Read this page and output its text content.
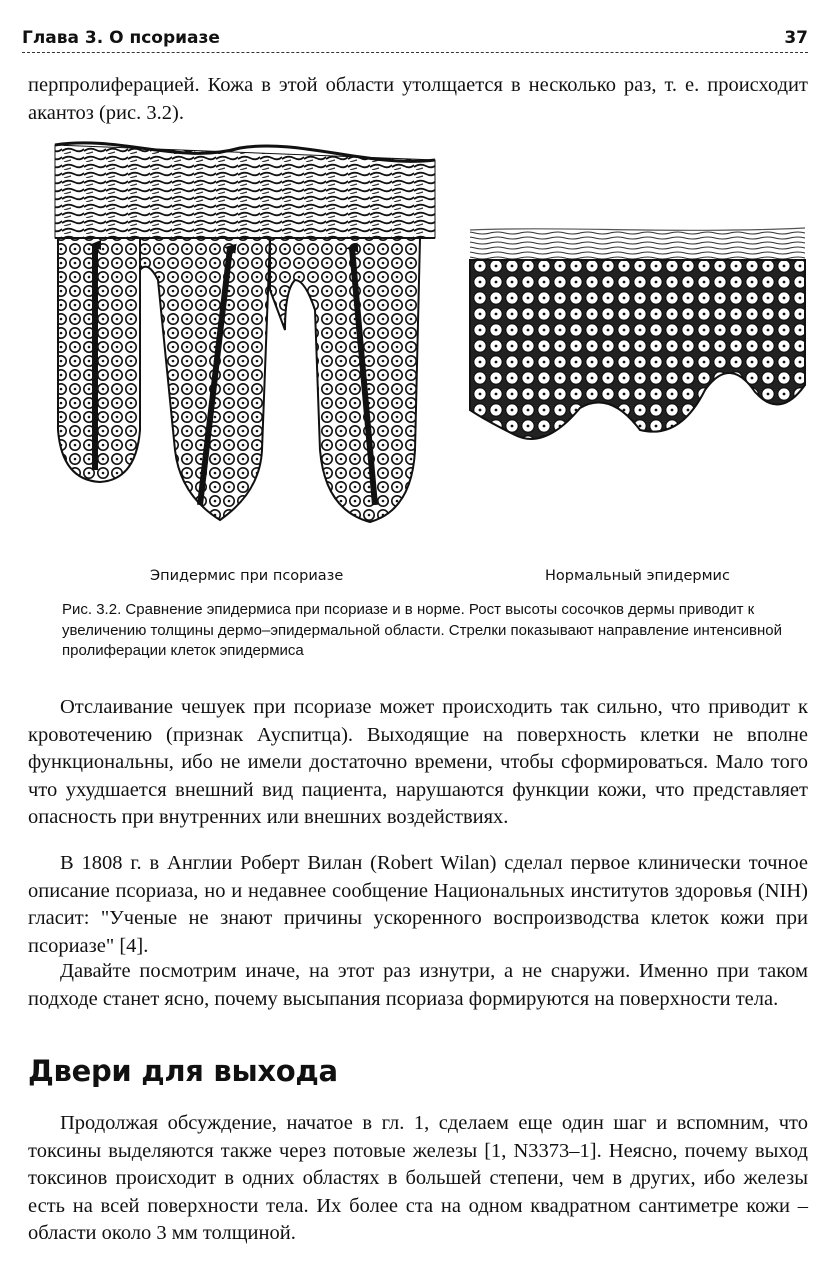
Глава 3. О псориазе	37
перпролиферацией. Кожа в этой области утолщается в несколько раз, т. е. происходит акантоз (рис. 3.2).
Эпидермис при псориазе	Нормальный эпидермис
Рис. 3.2. Сравнение эпидермиса при псориазе и в норме. Рост высоты сосочков дермы приводит к увеличению толщины дермо–эпидермальной области. Стрелки показывают направление интенсивной пролиферации клеток эпидермиса

Отслаивание чешуек при псориазе может происходить так сильно, что приводит к кровотечению (признак Ауспитца). Выходящие на поверхность клетки не вполне функциональны, ибо не имели достаточно времени, чтобы сформироваться. Мало того что ухудшается внешний вид пациента, нарушаются функции кожи, что представляет опасность при внутренних или внешних воздействиях.

В 1808 г. в Англии Роберт Вилан (Robert Wilan) сделал первое клинически точное описание псориаза, но и недавнее сообщение Национальных институтов здоровья (NIH) гласит: "Ученые не знают причины ускоренного воспроизводства клеток кожи при псориазе" [4].

Давайте посмотрим иначе, на этот раз изнутри, а не снаружи. Именно при таком подходе станет ясно, почему высыпания псориаза формируются на поверхности тела.

Двери для выхода

Продолжая обсуждение, начатое в гл. 1, сделаем еще один шаг и вспомним, что токсины выделяются также через потовые железы [1, N3373–1]. Неясно, почему выход токсинов происходит в одних областях в большей степени, чем в других, ибо железы есть на всей поверхности тела. Их более ста на одном квадратном сантиметре кожи – области около 3 мм толщиной.
